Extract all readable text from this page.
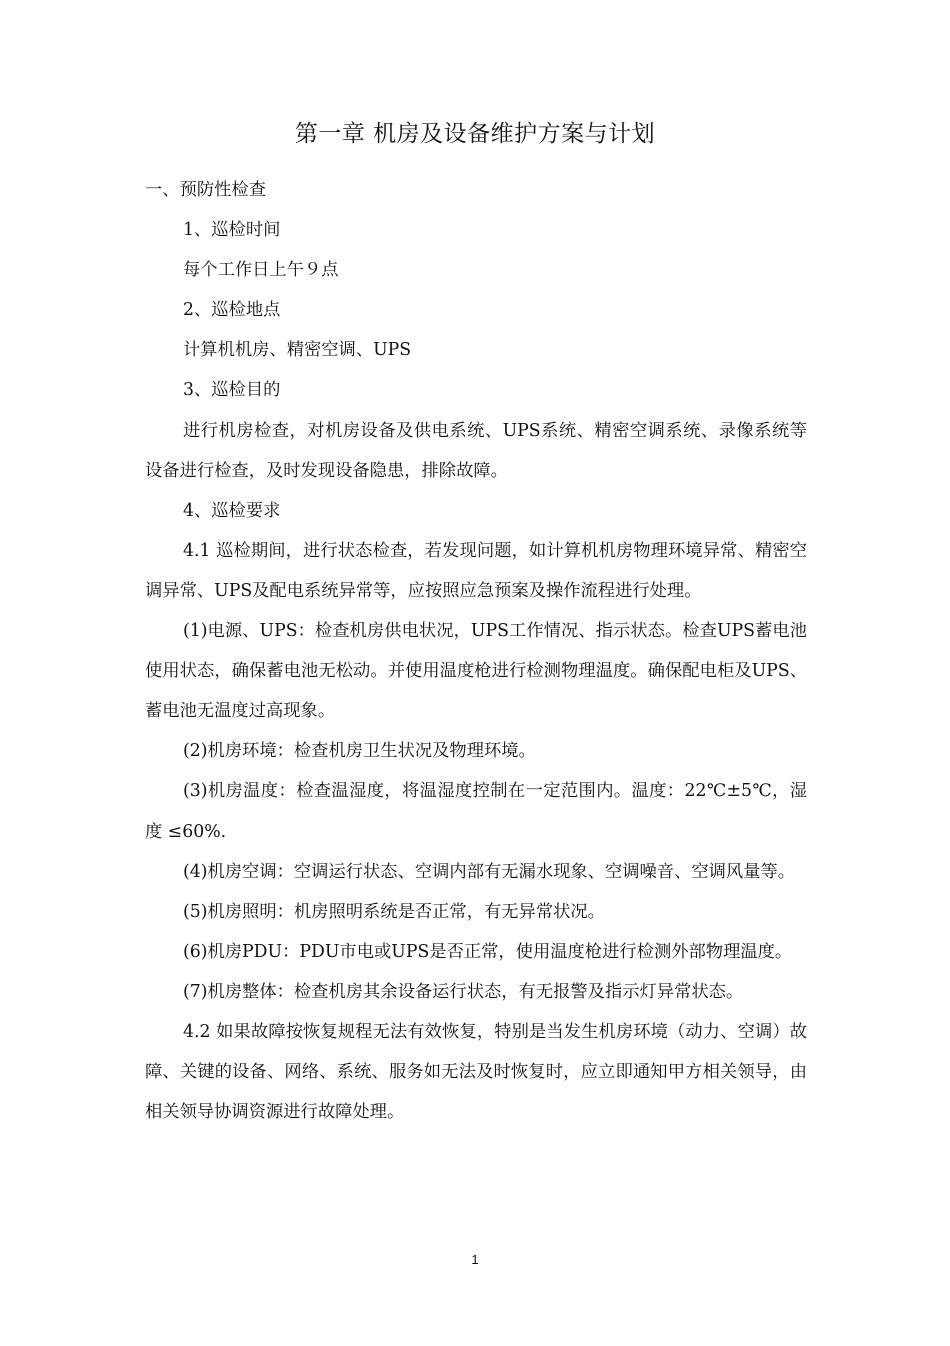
第一章 机房及设备维护方案与计划

一、预防性检查

1、巡检时间

每个工作日上午９点

2、巡检地点

计算机机房、精密空调、UPS

3、巡检目的

进行机房检查，对机房设备及供电系统、UPS系统、精密空调系统、录像系统等设备进行检查，及时发现设备隐患，排除故障。

4、巡检要求

4.1 巡检期间，进行状态检查，若发现问题，如计算机机房物理环境异常、精密空调异常、UPS及配电系统异常等，应按照应急预案及操作流程进行处理。

(1)电源、UPS：检查机房供电状况，UPS工作情况、指示状态。检查UPS蓄电池使用状态，确保蓄电池无松动。并使用温度枪进行检测物理温度。确保配电柜及UPS、蓄电池无温度过高现象。

(2)机房环境：检查机房卫生状况及物理环境。

(3)机房温度：检查温湿度，将温湿度控制在一定范围内。温度：22℃±5℃，湿度 ≤60%.

(4)机房空调：空调运行状态、空调内部有无漏水现象、空调噪音、空调风量等。

(5)机房照明：机房照明系统是否正常，有无异常状况。

(6)机房PDU：PDU市电或UPS是否正常，使用温度枪进行检测外部物理温度。

(7)机房整体：检查机房其余设备运行状态，有无报警及指示灯异常状态。

4.2 如果故障按恢复规程无法有效恢复，特别是当发生机房环境（动力、空调）故障、关键的设备、网络、系统、服务如无法及时恢复时，应立即通知甲方相关领导，由相关领导协调资源进行故障处理。

1
